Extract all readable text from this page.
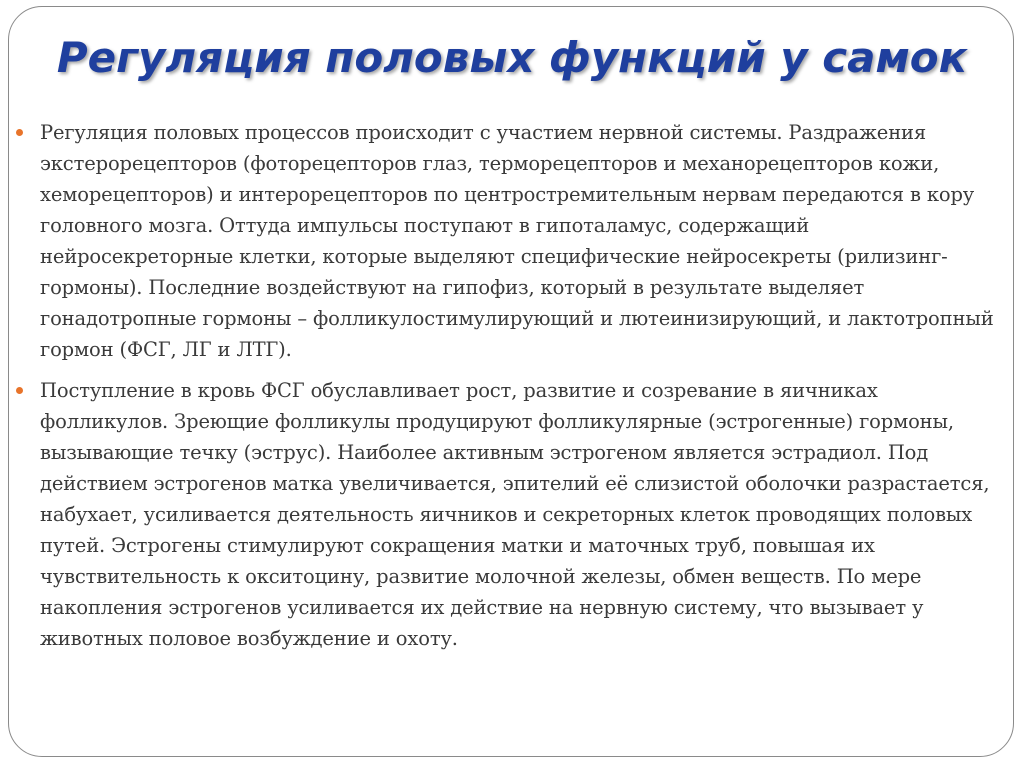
Регуляция половых функций у самок
Регуляция половых процессов происходит с участием нервной системы. Раздражения экстерорецепторов (фоторецепторов глаз, терморецепторов и механорецепторов кожи, хеморецепторов) и интерорецепторов по центростремительным нервам передаются в кору головного мозга. Оттуда импульсы поступают в гипоталамус, содержащий нейросекреторные клетки, которые выделяют специфические нейросекреты (рилизинг-гормоны). Последние воздействуют на гипофиз, который в результате выделяет гонадотропные гормоны – фолликулостимулирующий и лютеинизирующий, и лактотропный гормон (ФСГ, ЛГ и ЛТГ).
Поступление в кровь ФСГ обуславливает рост, развитие и созревание в яичниках фолликулов. Зреющие фолликулы продуцируют фолликулярные (эстрогенные) гормоны, вызывающие течку (эструс). Наиболее активным эстрогеном является эстрадиол. Под действием эстрогенов матка увеличивается, эпителий её слизистой оболочки разрастается, набухает, усиливается деятельность яичников и секреторных клеток проводящих половых путей. Эстрогены стимулируют сокращения матки и маточных труб, повышая их чувствительность к окситоцину, развитие молочной железы, обмен веществ. По мере накопления эстрогенов усиливается их действие на нервную систему, что вызывает у животных половое возбуждение и охоту.
